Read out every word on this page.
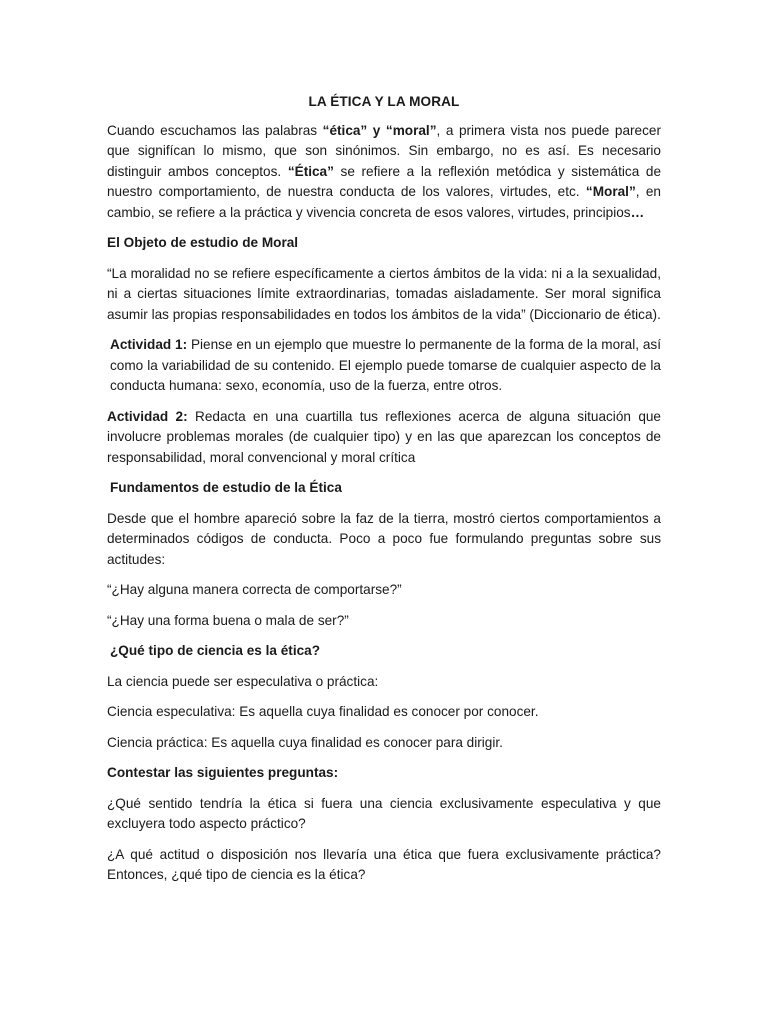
LA ÉTICA Y LA MORAL

Cuando escuchamos las palabras “ética” y “moral”, a primera vista nos puede parecer que signifícan lo mismo, que son sinónimos. Sin embargo, no es así. Es necesario distinguir ambos conceptos. “Ética” se refiere a la reflexión metódica y sistemática de nuestro comportamiento, de nuestra conducta de los valores, virtudes, etc. “Moral”, en cambio, se refiere a la práctica y vivencia concreta de esos valores, virtudes, principios…

El Objeto de estudio de Moral

“La moralidad no se refiere específicamente a ciertos ámbitos de la vida: ni a la sexualidad, ni a ciertas situaciones límite extraordinarias, tomadas aisladamente. Ser moral significa asumir las propias responsabilidades en todos los ámbitos de la vida” (Diccionario de ética).

Actividad 1: Piense en un ejemplo que muestre lo permanente de la forma de la moral, así como la variabilidad de su contenido. El ejemplo puede tomarse de cualquier aspecto de la conducta humana: sexo, economía, uso de la fuerza, entre otros.

Actividad 2: Redacta en una cuartilla tus reflexiones acerca de alguna situación que involucre problemas morales (de cualquier tipo) y en las que aparezcan los conceptos de responsabilidad, moral convencional y moral crítica

Fundamentos de estudio de la Ética

Desde que el hombre apareció sobre la faz de la tierra, mostró ciertos comportamientos a determinados códigos de conducta. Poco a poco fue formulando preguntas sobre sus actitudes:

“¿Hay alguna manera correcta de comportarse?”

“¿Hay una forma buena o mala de ser?”

¿Qué tipo de ciencia es la ética?

La ciencia puede ser especulativa o práctica:

Ciencia especulativa: Es aquella cuya finalidad es conocer por conocer.

Ciencia práctica: Es aquella cuya finalidad es conocer para dirigir.

Contestar las siguientes preguntas:

¿Qué sentido tendría la ética si fuera una ciencia exclusivamente especulativa y que excluyera todo aspecto práctico?

¿A qué actitud o disposición nos llevaría una ética que fuera exclusivamente práctica? Entonces, ¿qué tipo de ciencia es la ética?
